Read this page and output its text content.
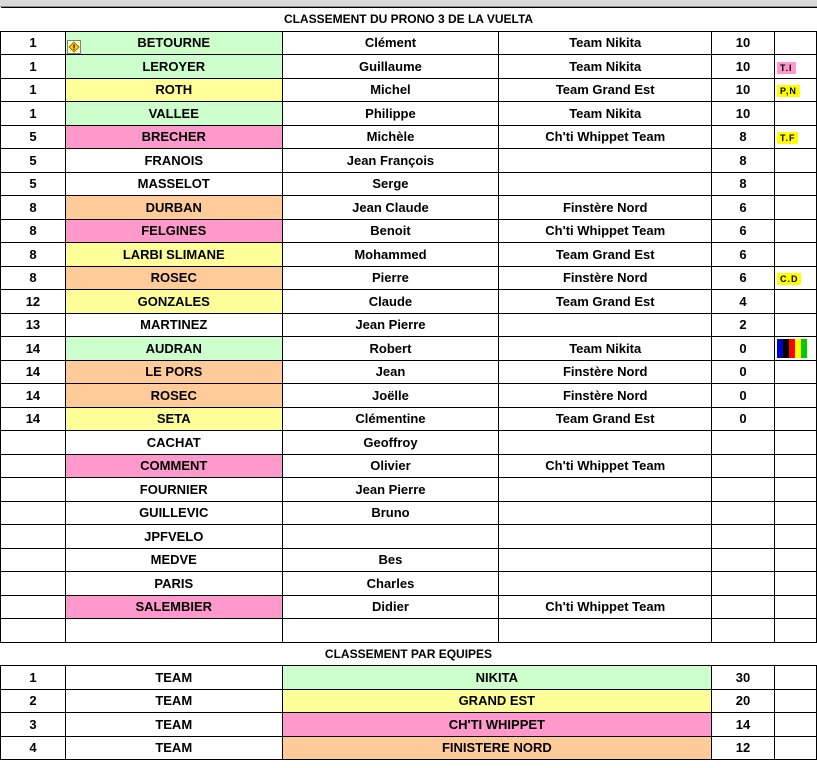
CLASSEMENT DU PRONO 3 DE LA VUELTA					
1	BETOURNE	Clément	Team Nikita	10	
1	LEROYER	Guillaume	Team Nikita	10	T.I
1	ROTH	Michel	Team Grand Est	10	P,N
1	VALLEE	Philippe	Team Nikita	10	
5	BRECHER	Michèle	Ch'ti Whippet Team	8	T.F
5	FRANOIS	Jean François		8	
5	MASSELOT	Serge		8	
8	DURBAN	Jean Claude	Finstère Nord	6	
8	FELGINES	Benoit	Ch'ti Whippet Team	6	
8	LARBI SLIMANE	Mohammed	Team Grand Est	6	
8	ROSEC	Pierre	Finstère Nord	6	C.D
12	GONZALES	Claude	Team Grand Est	4	
13	MARTINEZ	Jean Pierre		2	
14	AUDRAN	Robert	Team Nikita	0	
14	LE PORS	Jean	Finstère Nord	0	
14	ROSEC	Joëlle	Finstère Nord	0	
14	SETA	Clémentine	Team Grand Est	0	
	CACHAT	Geoffroy			
	COMMENT	Olivier	Ch'ti Whippet Team		
	FOURNIER	Jean Pierre			
	GUILLEVIC	Bruno			
	JPFVELO				
	MEDVE	Bes			
	PARIS	Charles			
	SALEMBIER	Didier	Ch'ti Whippet Team		

CLASSEMENT PAR EQUIPES					
1	TEAM	NIKITA		30	
2	TEAM	GRAND EST		20	
3	TEAM	CH'TI WHIPPET		14	
4	TEAM	FINISTERE NORD		12	
